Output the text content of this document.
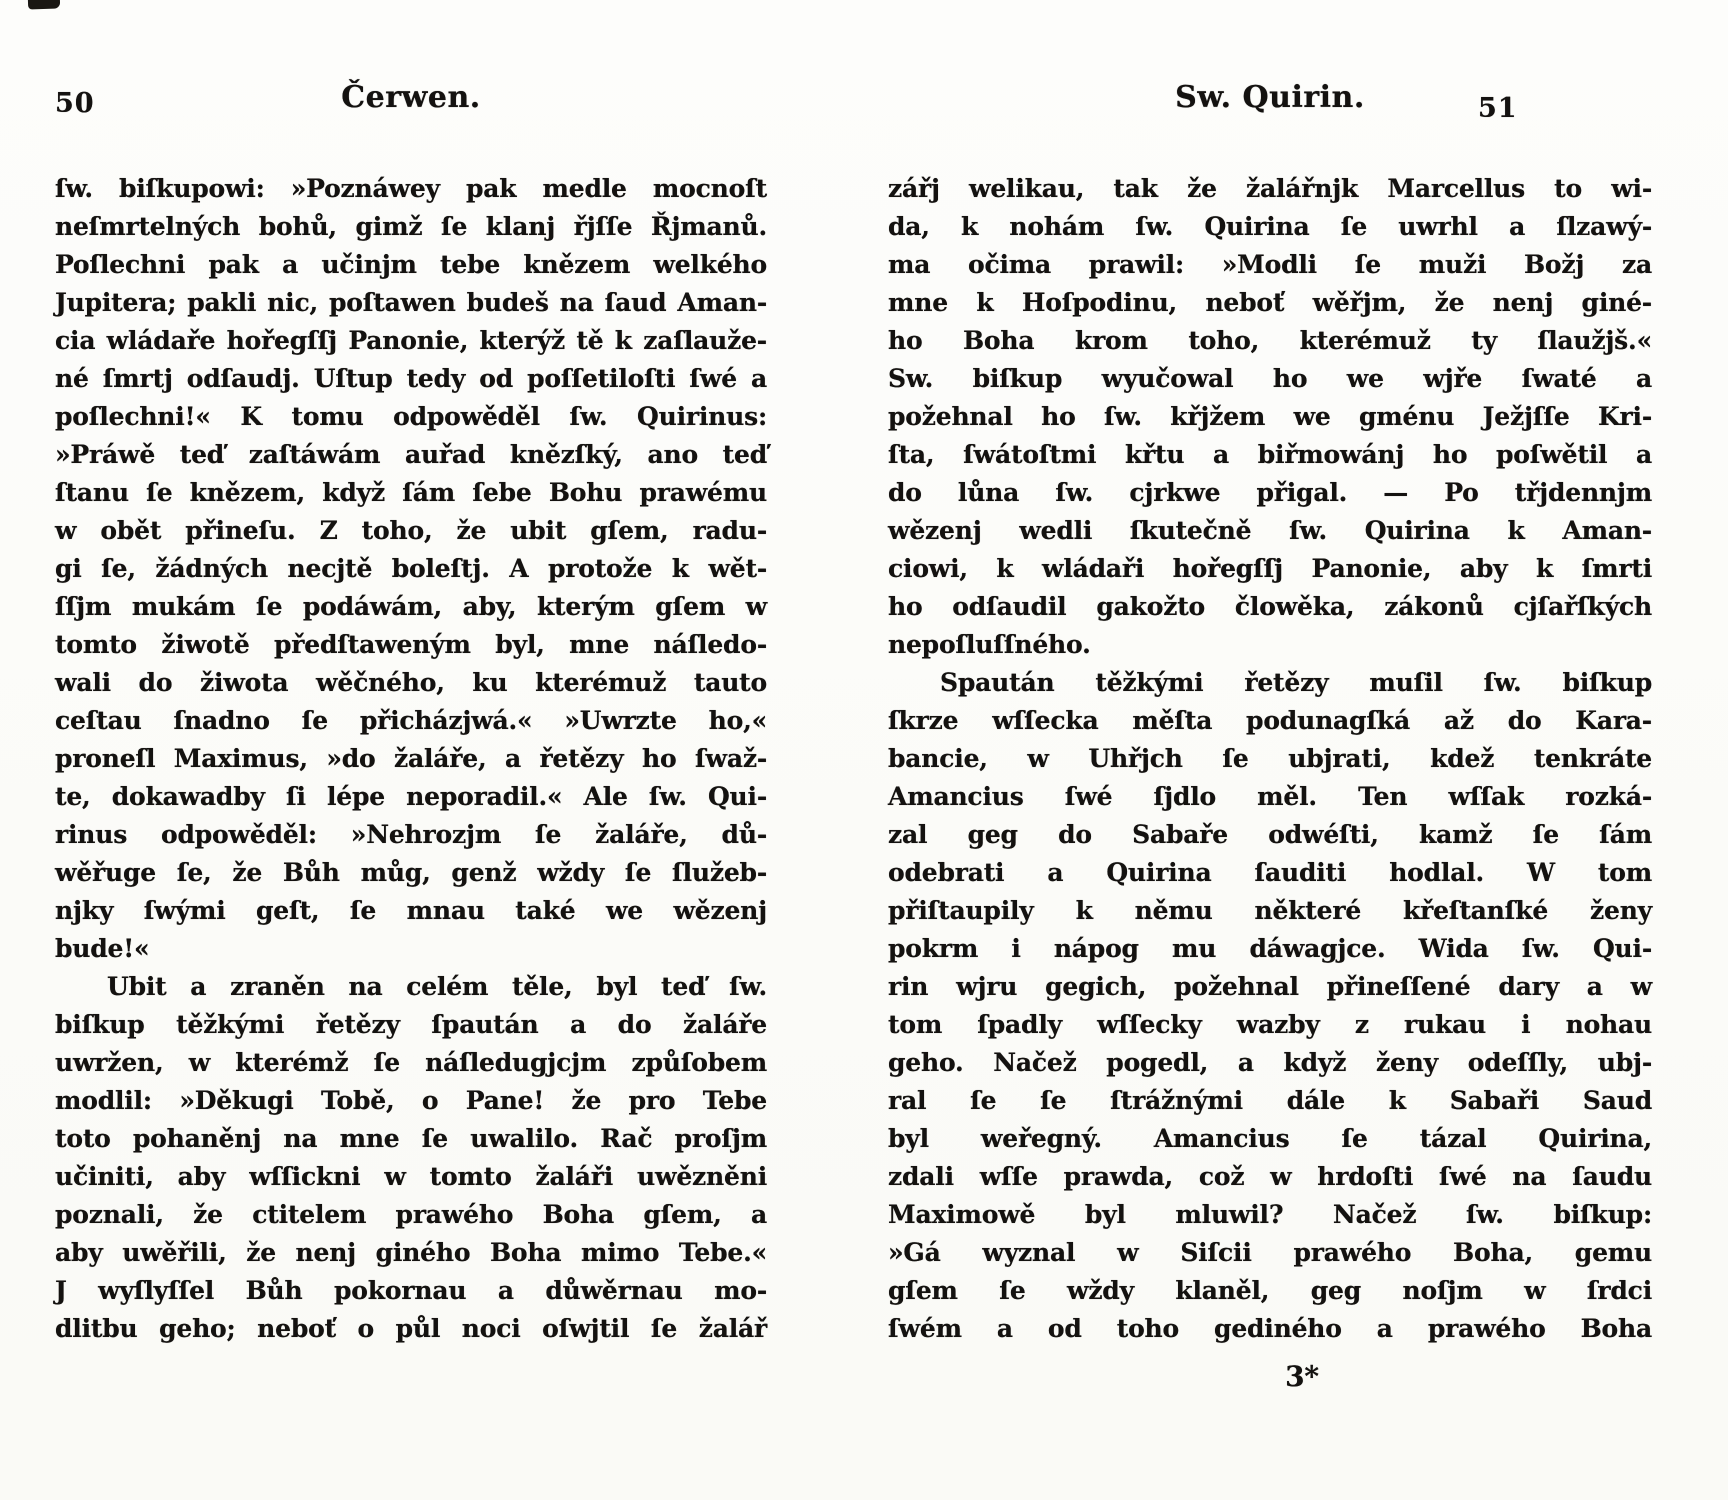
50	Čerwen.	Sw. Quirin.	51
ſw. biſkupowi: »Poznáwey pak medle mocnoſt
neſmrtelných bohů, gimž ſe klanj řjſſe Řjmanů.
Poſlechni pak a učinjm tebe knězem welkého
Jupitera; pakli nic, poſtawen budeš na ſaud Aman-
cia wládaře hořegſſj Panonie, kterýž tě k zaſlauže-
né ſmrtj odſaudj. Uſtup tedy od poſſetiloſti ſwé a
poſlechni!« K tomu odpowěděl ſw. Quirinus:
»Práwě teď zaſtáwám auřad knězſký, ano teď
ſtanu ſe knězem, když ſám ſebe Bohu prawému
w obět přineſu. Z toho, že ubit gſem, radu-
gi ſe, žádných necjtě boleſtj. A protože k wět-
ſſjm mukám ſe podáwám, aby, kterým gſem w
tomto žiwotě předſtaweným byl, mne náſledo-
wali do žiwota wěčného, ku kterémuž tauto
ceſtau ſnadno ſe přicházjwá.« »Uwrzte ho,«
proneſl Maximus, »do žaláře, a řetězy ho ſwaž-
te, dokawadby ſi lépe neporadil.« Ale ſw. Qui-
rinus odpowěděl: »Nehrozjm ſe žaláře, dů-
wěřuge ſe, že Bůh můg, genž wždy ſe ſlužeb-
njky ſwými geſt, ſe mnau také we wězenj
bude!«
Ubit a zraněn na celém těle, byl teď ſw.
biſkup těžkými řetězy ſpaután a do žaláře
uwržen, w kterémž ſe náſledugjcjm způſobem
modlil: »Děkugi Tobě, o Pane! že pro Tebe
toto pohaněnj na mne ſe uwalilo. Rač proſjm
učiniti, aby wſſickni w tomto žaláři uwězněni
poznali, že ctitelem prawého Boha gſem, a
aby uwěřili, že nenj giného Boha mimo Tebe.«
J wyſlyſſel Bůh pokornau a důwěrnau mo-
dlitbu geho; neboť o půl noci oſwjtil ſe žalář
zářj welikau, tak že žalářnjk Marcellus to wi-
da, k nohám ſw. Quirina ſe uwrhl a ſlzawý-
ma očima prawil: »Modli ſe muži Božj za
mne k Hoſpodinu, neboť wěřjm, že nenj giné-
ho Boha krom toho, kterémuž ty ſlaužjš.«
Sw. biſkup wyučowal ho we wjře ſwaté a
požehnal ho ſw. křjžem we gménu Ježjſſe Kri-
ſta, ſwátoſtmi křtu a biřmowánj ho poſwětil a
do lůna ſw. cjrkwe přigal. — Po třjdennjm
wězenj wedli ſkutečně ſw. Quirina k Aman-
ciowi, k wládaři hořegſſj Panonie, aby k ſmrti
ho odſaudil gakožto člowěka, zákonů cjſařſkých
nepoſluſſného.
Spaután těžkými řetězy muſil ſw. biſkup
ſkrze wſſecka měſta podunagſká až do Kara-
bancie, w Uhřjch ſe ubjrati, kdež tenkráte
Amancius ſwé ſjdlo měl. Ten wſſak rozká-
zal geg do Sabaře odwéſti, kamž ſe ſám
odebrati a Quirina ſauditi hodlal. W tom
přiſtaupily k němu některé křeſtanſké ženy
pokrm i nápog mu dáwagjce. Wida ſw. Qui-
rin wjru gegich, požehnal přineſſené dary a w
tom ſpadly wſſecky wazby z rukau i nohau
geho. Načež pogedl, a když ženy odeſſly, ubj-
ral ſe ſe ſtrážnými dále k Sabaři Saud
byl weřegný. Amancius ſe tázal Quirina,
zdali wſſe prawda, což w hrdoſti ſwé na ſaudu
Maximowě byl mluwil? Načež ſw. biſkup:
»Gá wyznal w Siſcii prawého Boha, gemu
gſem ſe wždy klaněl, geg noſjm w ſrdci
ſwém a od toho gediného a prawého Boha
3*
